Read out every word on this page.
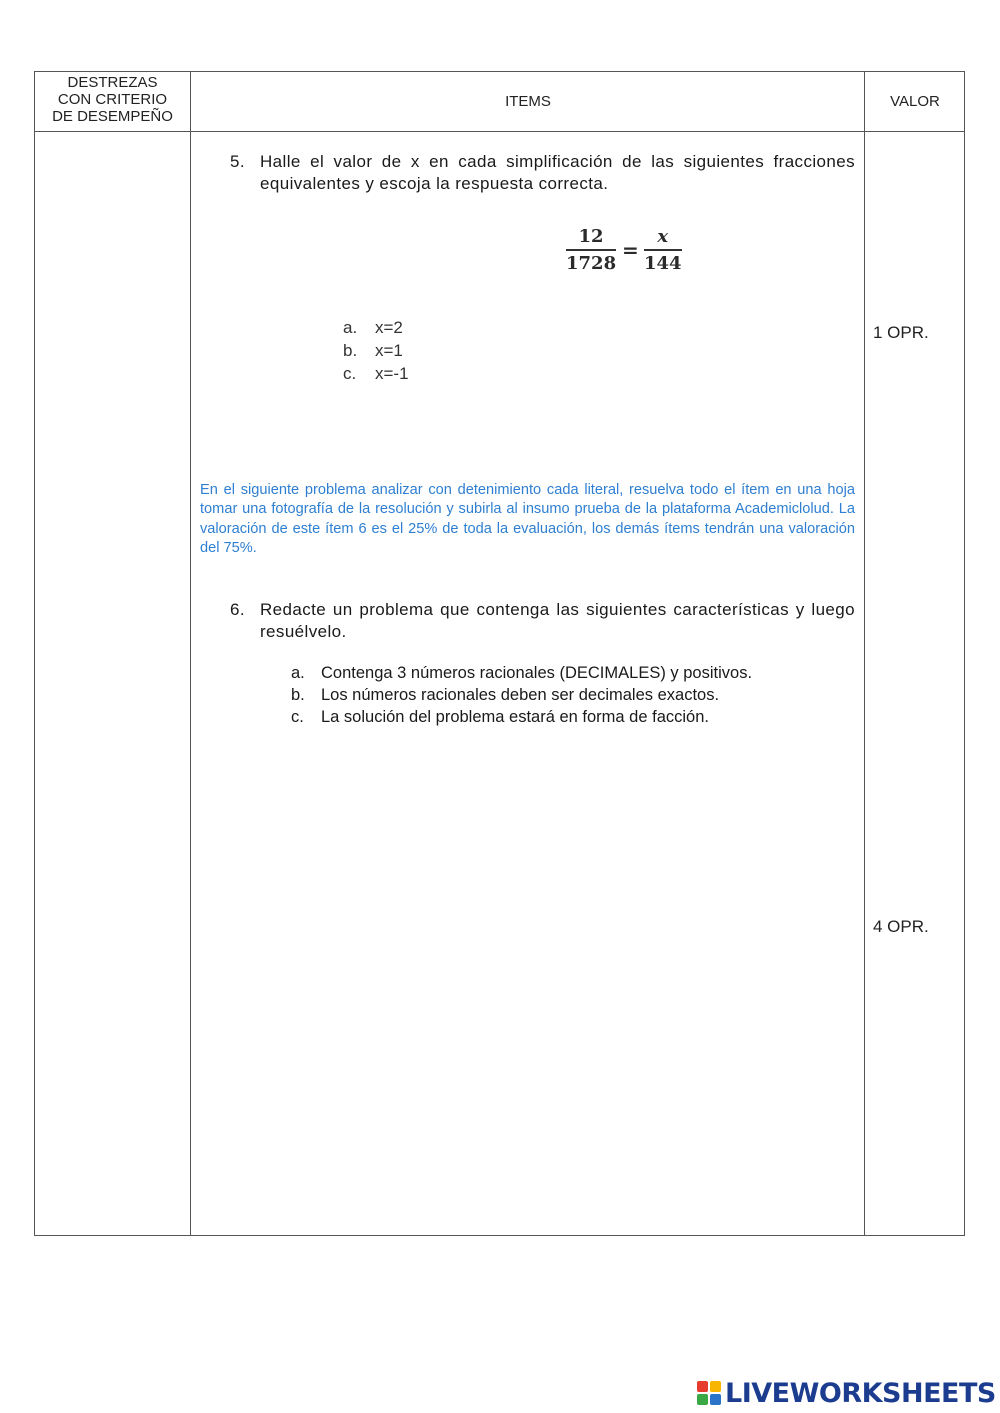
DESTREZAS
CON CRITERIO
DE DESEMPEÑO
ITEMS	VALOR
5. Halle el valor de x en cada simplificación de las siguientes fracciones equivalentes y escoja la respuesta correcta.
$\frac{12}{1728} = \frac{x}{144}$
a. x=2
b. x=1
c. x=-1
1 OPR.
En el siguiente problema analizar con detenimiento cada literal, resuelva todo el ítem en una hoja tomar una fotografía de la resolución y subirla al insumo prueba de la plataforma Academiclolud. La valoración de este ítem 6 es el 25% de toda la evaluación, los demás ítems tendrán una valoración del 75%.
6. Redacte un problema que contenga las siguientes características y luego resuélvelo.
a. Contenga 3 números racionales (DECIMALES) y positivos.
b. Los números racionales deben ser decimales exactos.
c. La solución del problema estará en forma de facción.
4 OPR.
LIVEWORKSHEETS
